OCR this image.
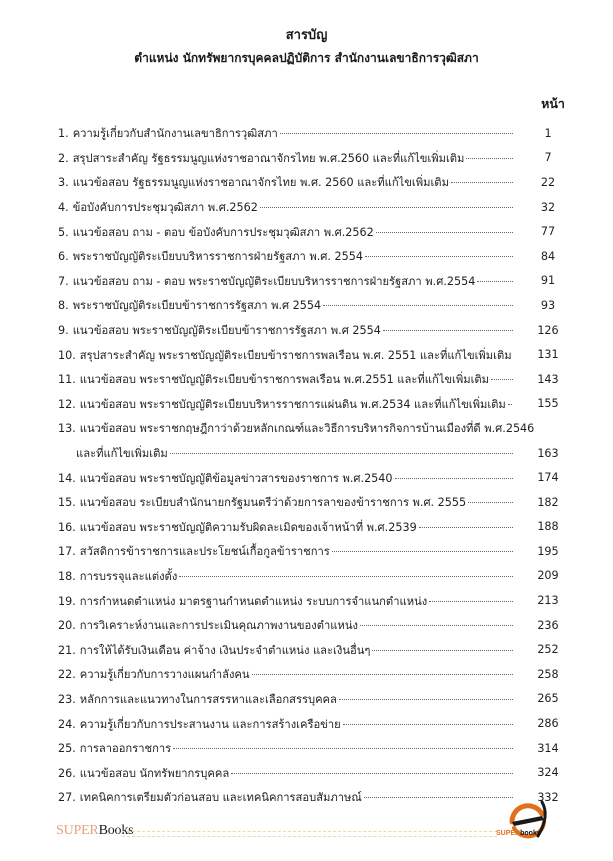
สารบัญ
ตำแหน่ง นักทรัพยากรบุคคลปฏิบัติการ สำนักงานเลขาธิการวุฒิสภา
หน้า
1. ความรู้เกี่ยวกับสำนักงานเลขาธิการวุฒิสภา	1
2. สรุปสาระสำคัญ รัฐธรรมนูญแห่งราชอาณาจักรไทย พ.ศ.2560 และที่แก้ไขเพิ่มเติม	7
3. แนวข้อสอบ รัฐธรรมนูญแห่งราชอาณาจักรไทย พ.ศ. 2560 และที่แก้ไขเพิ่มเติม	22
4. ข้อบังคับการประชุมวุฒิสภา พ.ศ.2562	32
5. แนวข้อสอบ ถาม - ตอบ ข้อบังคับการประชุมวุฒิสภา พ.ศ.2562	77
6. พระราชบัญญัติระเบียบบริหารราชการฝ่ายรัฐสภา พ.ศ. 2554	84
7. แนวข้อสอบ ถาม - ตอบ พระราชบัญญัติระเบียบบริหารราชการฝ่ายรัฐสภา พ.ศ.2554	91
8. พระราชบัญญัติระเบียบข้าราชการรัฐสภา พ.ศ 2554	93
9. แนวข้อสอบ พระราชบัญญัติระเบียบข้าราชการรัฐสภา พ.ศ 2554	126
10. สรุปสาระสำคัญ พระราชบัญญัติระเบียบข้าราชการพลเรือน พ.ศ. 2551 และที่แก้ไขเพิ่มเติม	131
11. แนวข้อสอบ พระราชบัญญัติระเบียบข้าราชการพลเรือน พ.ศ.2551 และที่แก้ไขเพิ่มเติม	143
12. แนวข้อสอบ พระราชบัญญัติระเบียบบริหารราชการแผ่นดิน พ.ศ.2534 และที่แก้ไขเพิ่มเติม	155
13. แนวข้อสอบ พระราชกฤษฎีกาว่าด้วยหลักเกณฑ์และวิธีการบริหารกิจการบ้านเมืองที่ดี พ.ศ.2546
และที่แก้ไขเพิ่มเติม	163
14. แนวข้อสอบ พระราชบัญญัติข้อมูลข่าวสารของราชการ พ.ศ.2540	174
15. แนวข้อสอบ ระเบียบสำนักนายกรัฐมนตรีว่าด้วยการลาของข้าราชการ พ.ศ. 2555	182
16. แนวข้อสอบ พระราชบัญญัติความรับผิดละเมิดของเจ้าหน้าที่ พ.ศ.2539	188
17. สวัสดิการข้าราชการและประโยชน์เกื้อกูลข้าราชการ	195
18. การบรรจุและแต่งตั้ง	209
19. การกำหนดตำแหน่ง มาตรฐานกำหนดตำแหน่ง ระบบการจำแนกตำแหน่ง	213
20. การวิเคราะห์งานและการประเมินคุณภาพงานของตำแหน่ง	236
21. การให้ได้รับเงินเดือน ค่าจ้าง เงินประจำตำแหน่ง และเงินอื่นๆ	252
22. ความรู้เกี่ยวกับการวางแผนกำลังคน	258
23. หลักการและแนวทางในการสรรหาและเลือกสรรบุคคล	265
24. ความรู้เกี่ยวกับการประสานงาน และการสร้างเครือข่าย	286
25. การลาออกราชการ	314
26. แนวข้อสอบ นักทรัพยากรบุคคล	324
27. เทคนิคการเตรียมตัวก่อนสอบ และเทคนิคการสอบสัมภาษณ์	332
SUPERBooks	SUPERbooks
